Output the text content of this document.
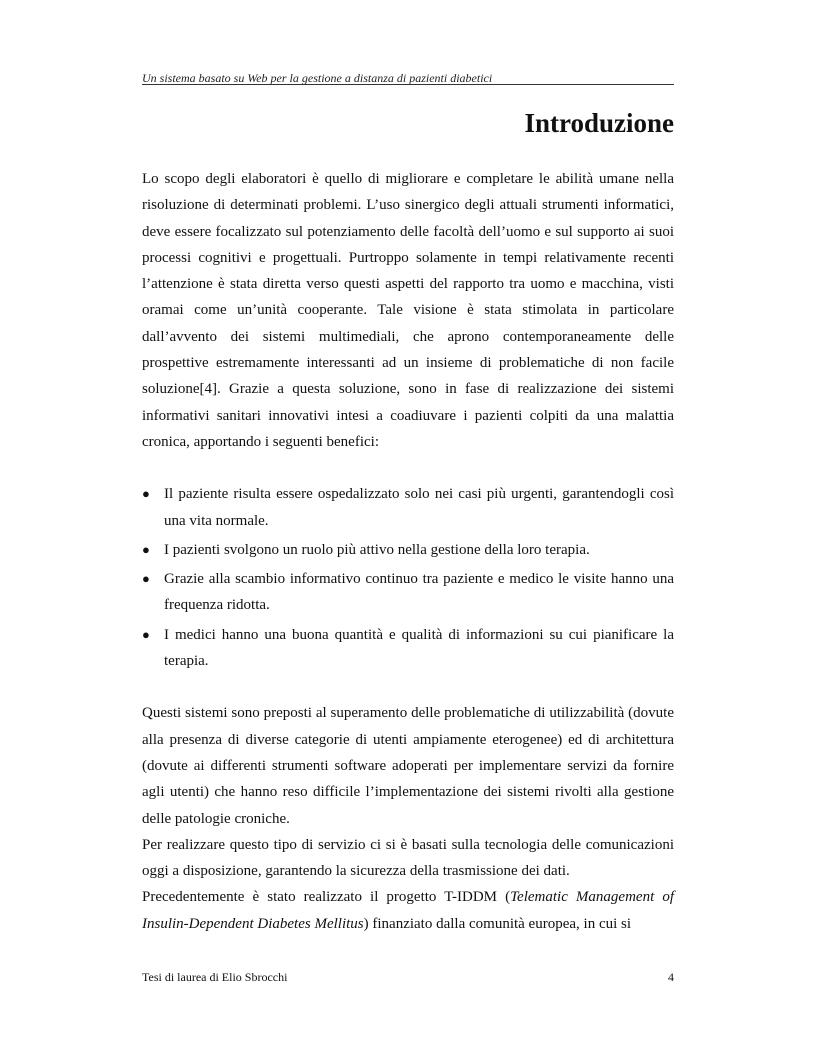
Un sistema basato su Web per la gestione a distanza di pazienti diabetici
Introduzione

Lo scopo degli elaboratori è quello di migliorare e completare le abilità umane nella risoluzione di determinati problemi. L’uso sinergico degli attuali strumenti informatici, deve essere focalizzato sul potenziamento delle facoltà dell’uomo e sul supporto ai suoi processi cognitivi e progettuali. Purtroppo solamente in tempi relativamente recenti l’attenzione è stata diretta verso questi aspetti del rapporto tra uomo e macchina, visti oramai come un’unità cooperante. Tale visione è stata stimolata in particolare dall’avvento dei sistemi multimediali, che aprono contemporaneamente delle prospettive estremamente interessanti ad un insieme di problematiche di non facile soluzione[4]. Grazie a questa soluzione, sono in fase di realizzazione dei sistemi informativi sanitari innovativi intesi a coadiuvare i pazienti colpiti da una malattia cronica, apportando i seguenti benefici:

● Il paziente risulta essere ospedalizzato solo nei casi più urgenti, garantendogli così una vita normale.
● I pazienti svolgono un ruolo più attivo nella gestione della loro terapia.
● Grazie alla scambio informativo continuo tra paziente e medico le visite hanno una frequenza ridotta.
● I medici hanno una buona quantità e qualità di informazioni su cui pianificare la terapia.

Questi sistemi sono preposti al superamento delle problematiche di utilizzabilità (dovute alla presenza di diverse categorie di utenti ampiamente eterogenee) ed di architettura (dovute ai differenti strumenti software adoperati per implementare servizi da fornire agli utenti) che hanno reso difficile l’implementazione dei sistemi rivolti alla gestione delle patologie croniche.

Per realizzare questo tipo di servizio ci si è basati sulla tecnologia delle comunicazioni oggi a disposizione, garantendo la sicurezza della trasmissione dei dati.

Precedentemente è stato realizzato il progetto T-IDDM (Telematic Management of Insulin-Dependent Diabetes Mellitus) finanziato dalla comunità europea, in cui si

Tesi di laurea di Elio Sbrocchi	4
